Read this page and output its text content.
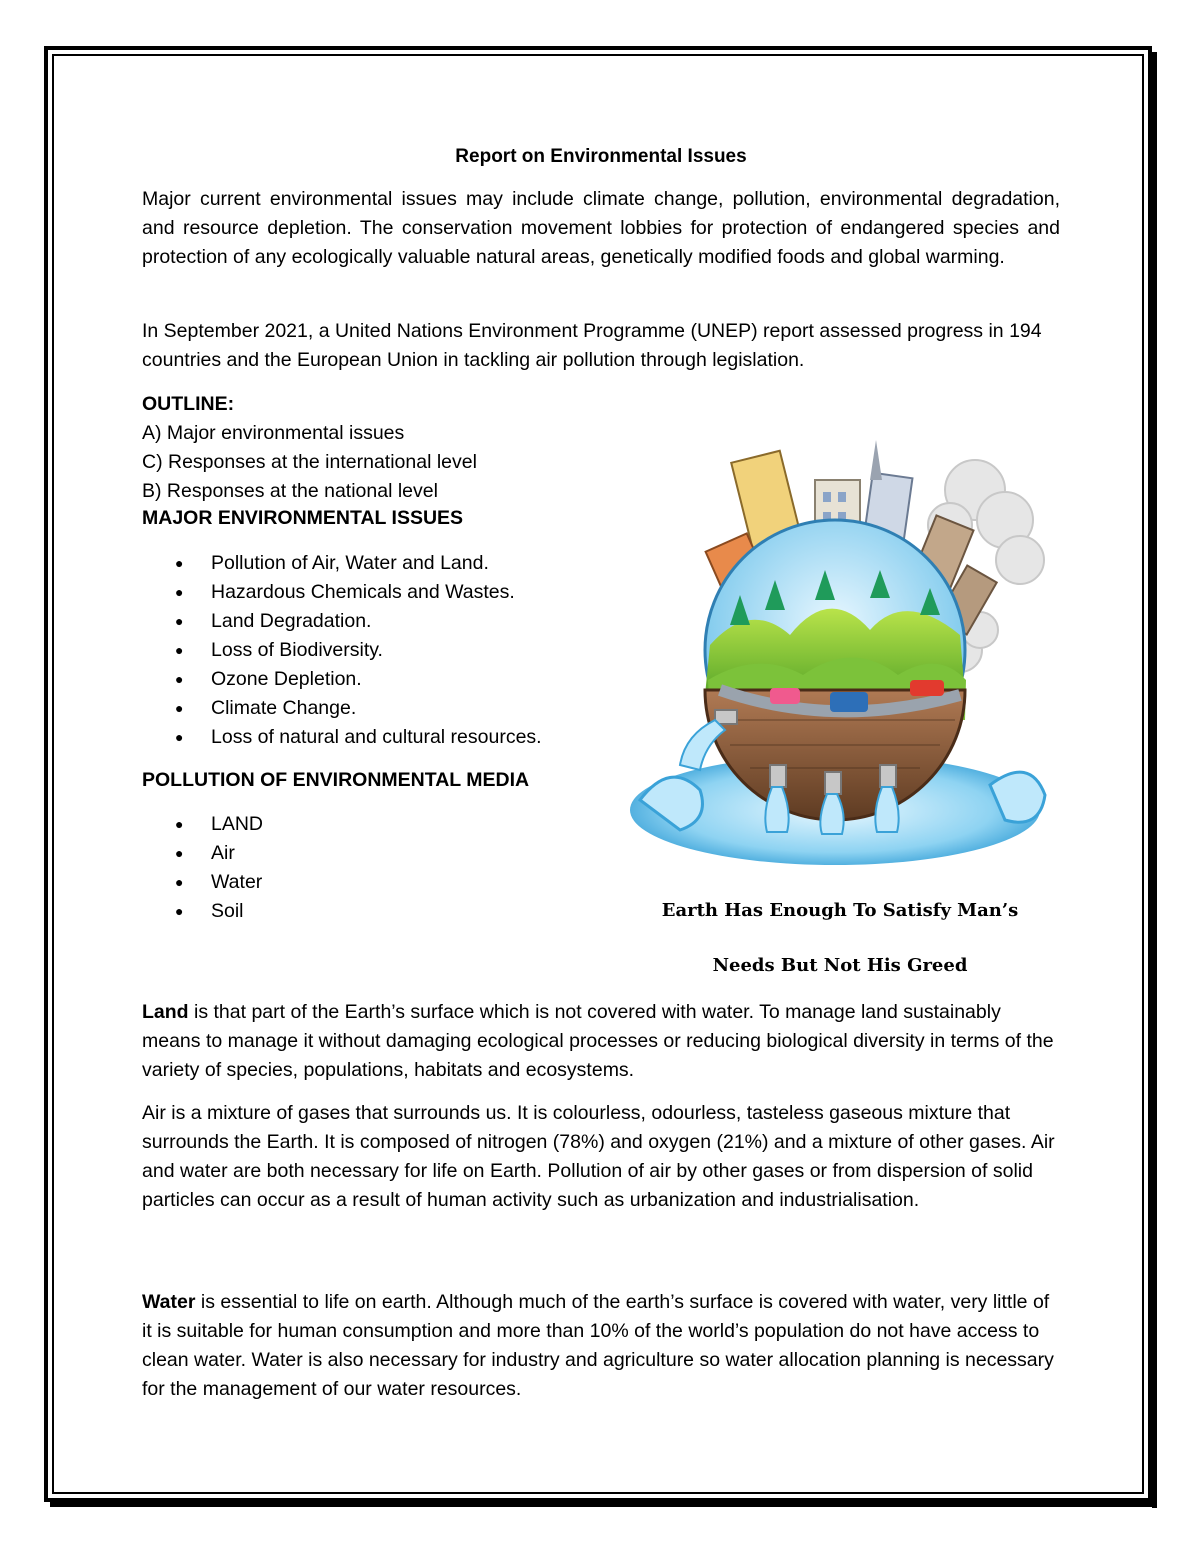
Report on Environmental Issues

Major current environmental issues may include climate change, pollution, environmental degradation, and resource depletion. The conservation movement lobbies for protection of endangered species and protection of any ecologically valuable natural areas, genetically modified foods and global warming.

In September 2021, a United Nations Environment Programme (UNEP) report assessed progress in 194 countries and the European Union in tackling air pollution through legislation.

OUTLINE:
A) Major environmental issues
C) Responses at the international level
B) Responses at the national level
MAJOR ENVIRONMENTAL ISSUES
● Pollution of Air, Water and Land.
● Hazardous Chemicals and Wastes.
● Land Degradation.
● Loss of Biodiversity.
● Ozone Depletion.
● Climate Change.
● Loss of natural and cultural resources.
POLLUTION OF ENVIRONMENTAL MEDIA
● LAND
● Air
● Water
● Soil	Earth Has Enough To Satisfy Man’s
Needs But Not His Greed

Land is that part of the Earth’s surface which is not covered with water. To manage land sustainably means to manage it without damaging ecological processes or reducing biological diversity in terms of the variety of species, populations, habitats and ecosystems.

Air is a mixture of gases that surrounds us. It is colourless, odourless, tasteless gaseous mixture that surrounds the Earth. It is composed of nitrogen (78%) and oxygen (21%) and a mixture of other gases. Air and water are both necessary for life on Earth. Pollution of air by other gases or from dispersion of solid particles can occur as a result of human activity such as urbanization and industrialisation.

Water is essential to life on earth. Although much of the earth’s surface is covered with water, very little of it is suitable for human consumption and more than 10% of the world’s population do not have access to clean water. Water is also necessary for industry and agriculture so water allocation planning is necessary for the management of our water resources.
